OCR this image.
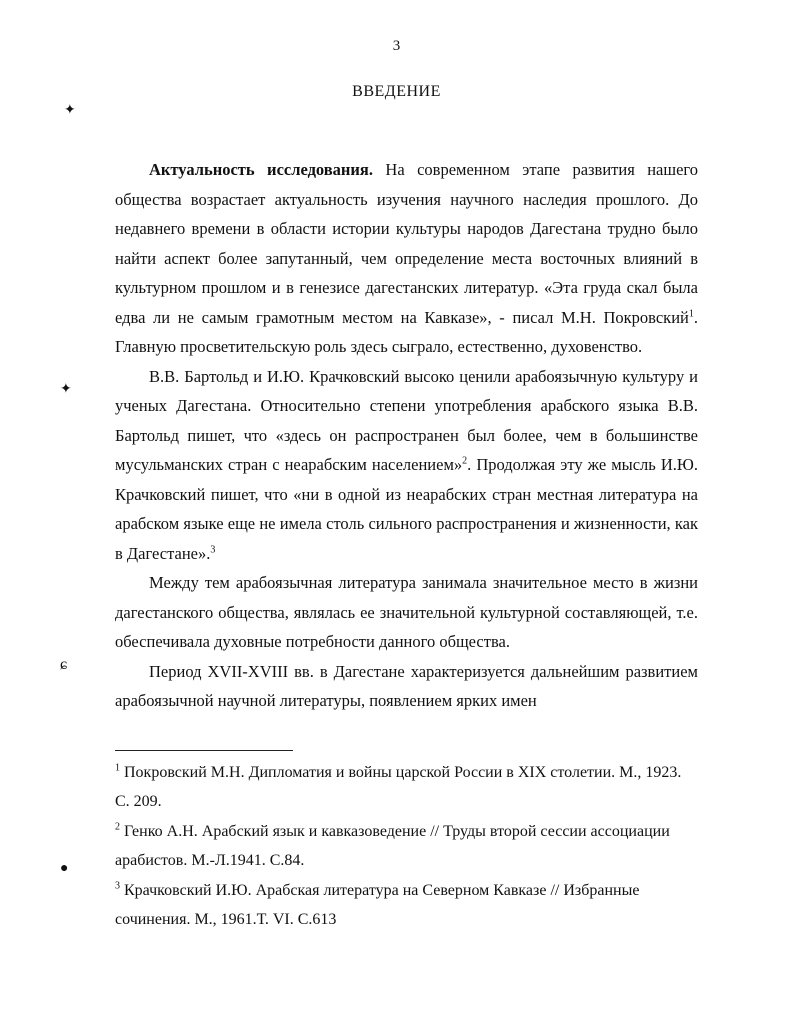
3
ВВЕДЕНИЕ
✦
✦
ɕ
●

Актуальность исследования. На современном этапе развития нашего общества возрастает актуальность изучения научного наследия прошлого. До недавнего времени в области истории культуры народов Дагестана трудно было найти аспект более запутанный, чем определение места восточных влияний в культурном прошлом и в генезисе дагестанских литератур. «Эта груда скал была едва ли не самым грамотным местом на Кавказе», - писал М.Н. Покровский$^1$. Главную просветительскую роль здесь сыграло, естественно, духовенство.

В.В. Бартольд и И.Ю. Крачковский высоко ценили арабоязычную культуру и ученых Дагестана. Относительно степени употребления арабского языка В.В. Бартольд пишет, что «здесь он распространен был более, чем в большинстве мусульманских стран с неарабским населением»$^2$. Продолжая эту же мысль И.Ю. Крачковский пишет, что «ни в одной из неарабских стран местная литература на арабском языке еще не имела столь сильного распространения и жизненности, как в Дагестане».$^3$

Между тем арабоязычная литература занимала значительное место в жизни дагестанского общества, являлась ее значительной культурной составляющей, т.е. обеспечивала духовные потребности данного общества.

Период XVII-XVIII вв. в Дагестане характеризуется дальнейшим развитием арабоязычной научной литературы, появлением ярких имен

$^1$ Покровский М.Н. Дипломатия и войны царской России в XIX столетии. М., 1923. С. 209.

$^2$ Генко А.Н. Арабский язык и кавказоведение // Труды второй сессии ассоциации арабистов. М.-Л.1941. С.84.

$^3$ Крачковский И.Ю. Арабская литература на Северном Кавказе // Избранные сочинения. М., 1961.Т. VI. С.613
